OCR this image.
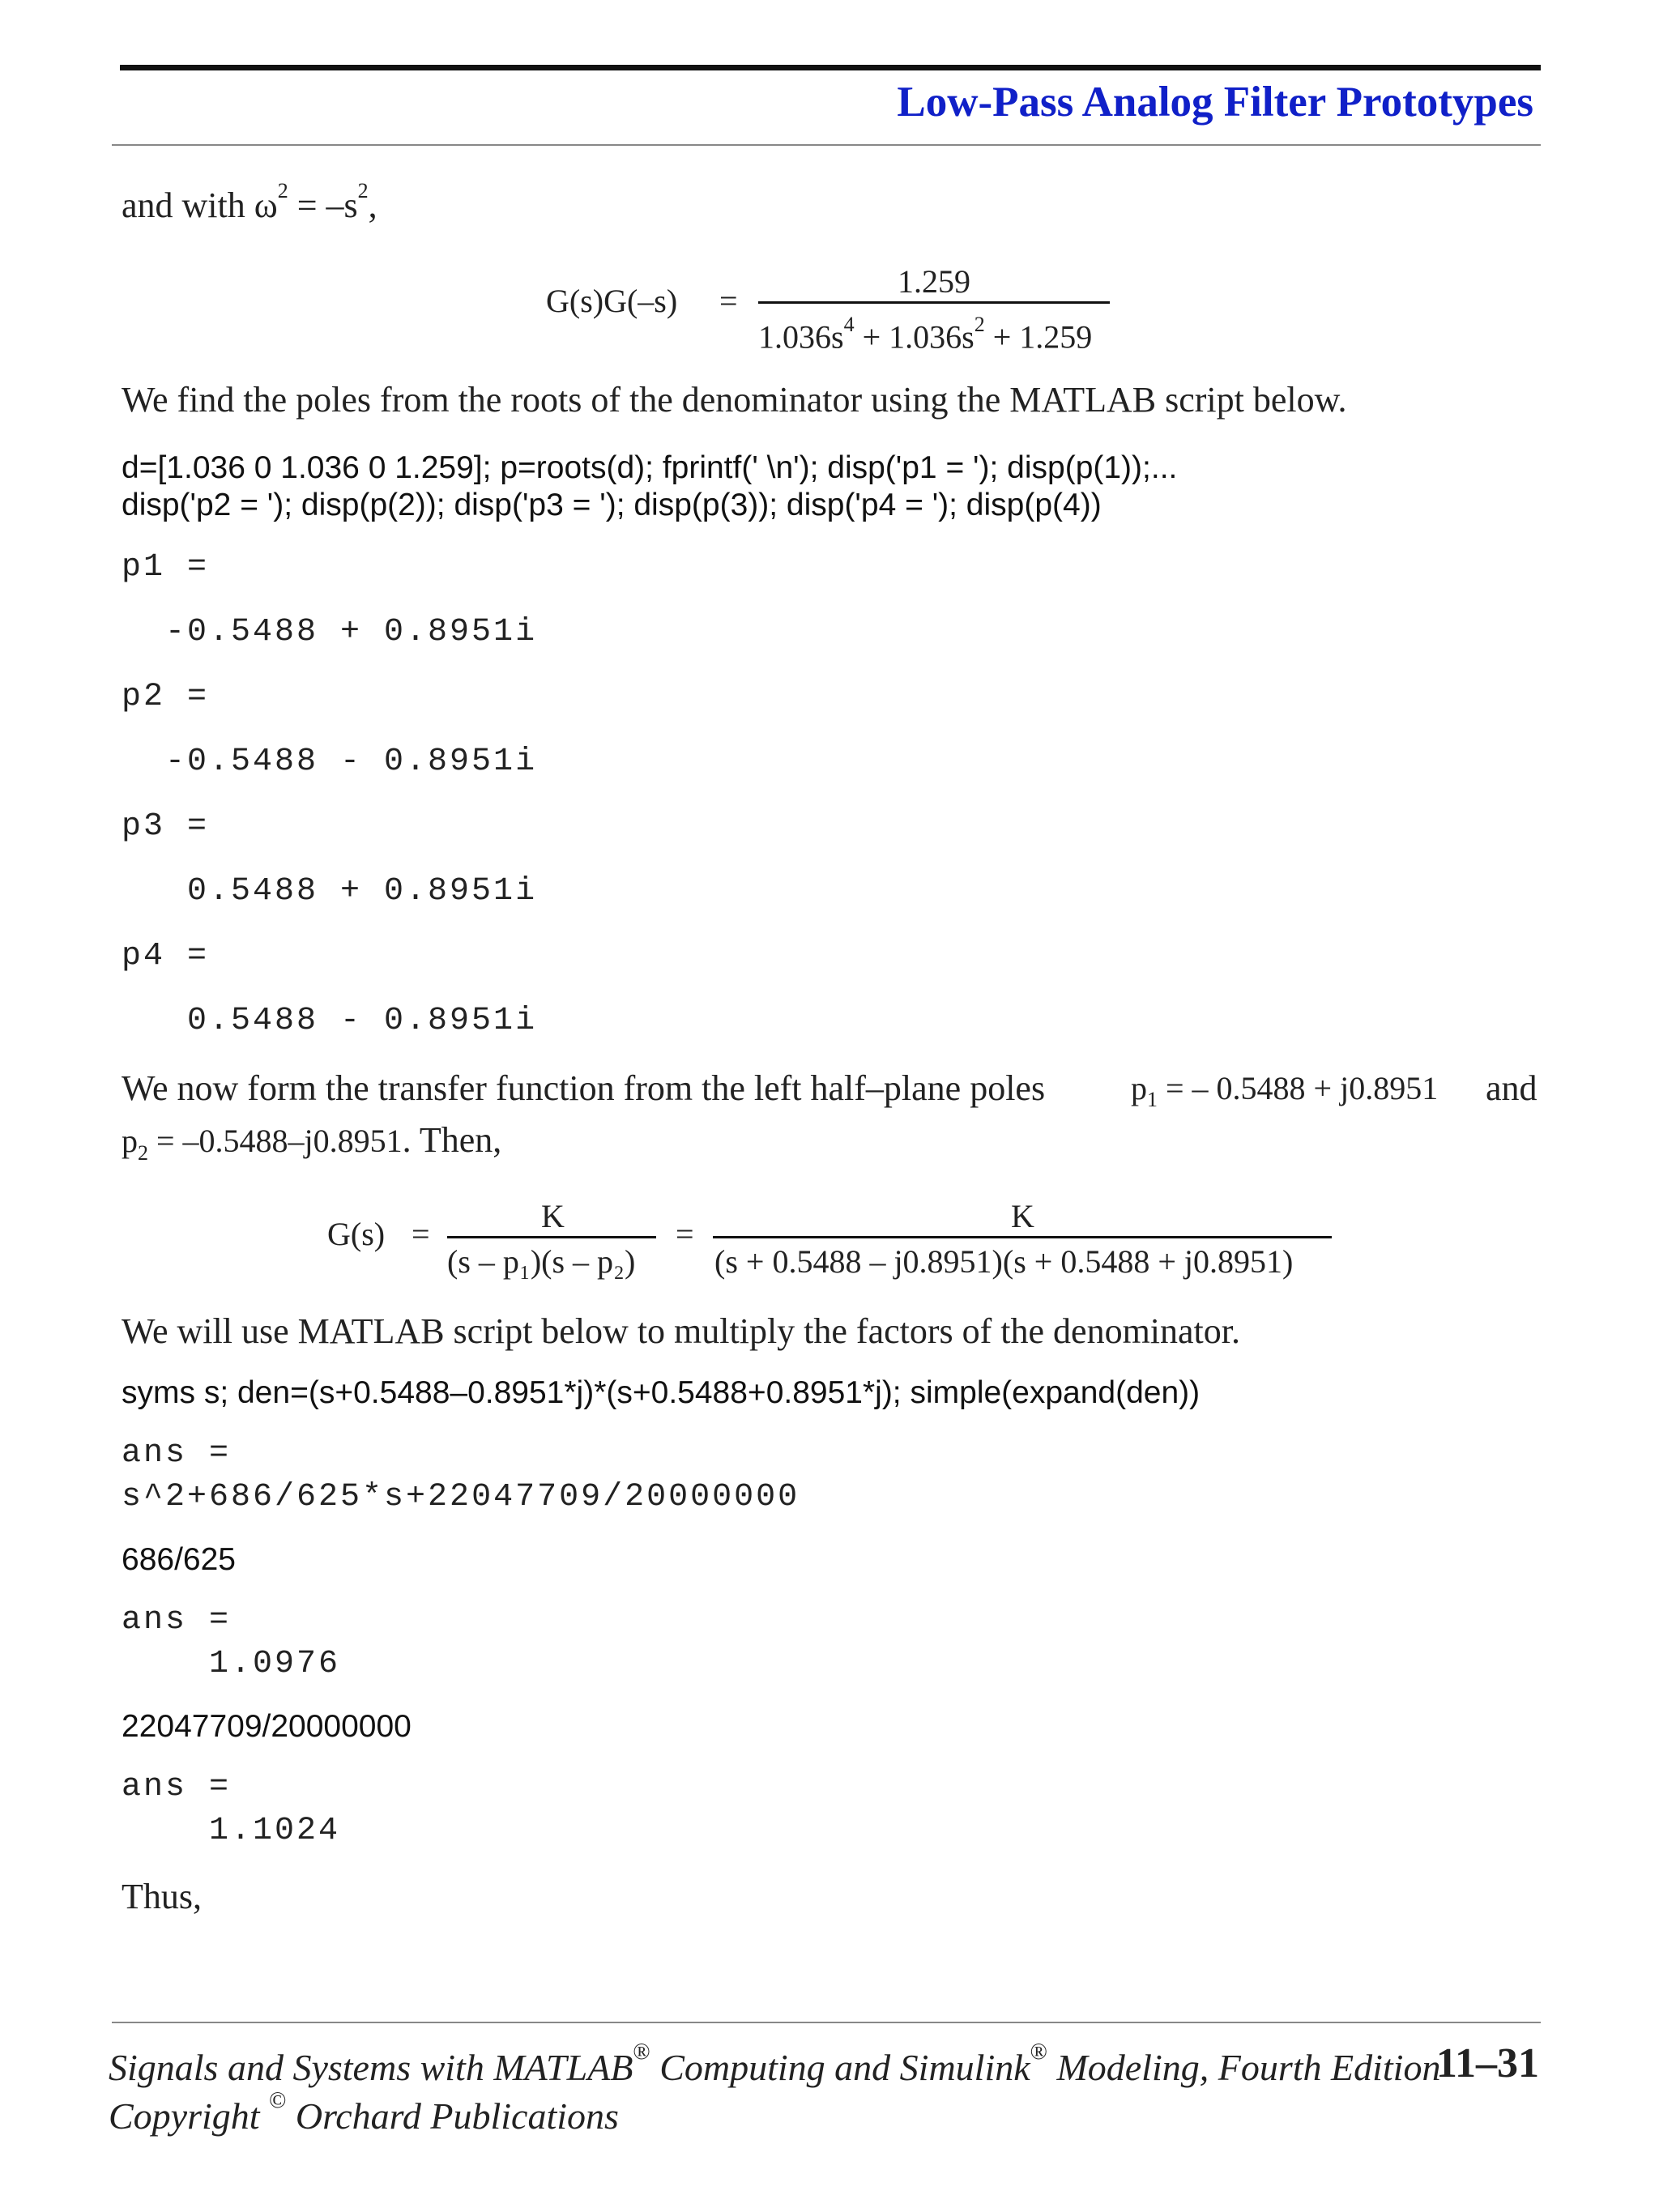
Low-Pass Analog Filter Prototypes
and with $\omega^2 = -s^2$,
G(s)G(–s) =
1.259
$1.036s^4 + 1.036s^2 + 1.259$
We find the poles from the roots of the denominator using the MATLAB script below.
d=[1.036 0 1.036 0 1.259]; p=roots(d); fprintf(' \n'); disp('p1 = '); disp(p(1));...
disp('p2 = '); disp(p(2)); disp('p3 = '); disp(p(3)); disp('p4 = '); disp(p(4))
p1 =
-0.5488 + 0.8951i
p2 =
-0.5488 - 0.8951i
p3 =
0.5488 + 0.8951i
p4 =
0.5488 - 0.8951i
We now form the transfer function from the left half–plane poles	$p_1$ = – 0.5488 + j0.8951 and
$p_2 = -0.5488-j0.8951$. Then,
G(s) =	K
(s – p₁)(s – p₂)
=	K
(s + 0.5488 – j0.8951)(s + 0.5488 + j0.8951)
We will use MATLAB script below to multiply the factors of the denominator.
syms s; den=(s+0.5488–0.8951*j)*(s+0.5488+0.8951*j); simple(expand(den))
ans =
s^2+686/625*s+22047709/20000000
686/625
ans =
1.0976
22047709/20000000
ans =
1.1024
Thus,
Signals and Systems with MATLAB® Computing and Simulink® Modeling, Fourth Edition
11–31
Copyright © Orchard Publications
